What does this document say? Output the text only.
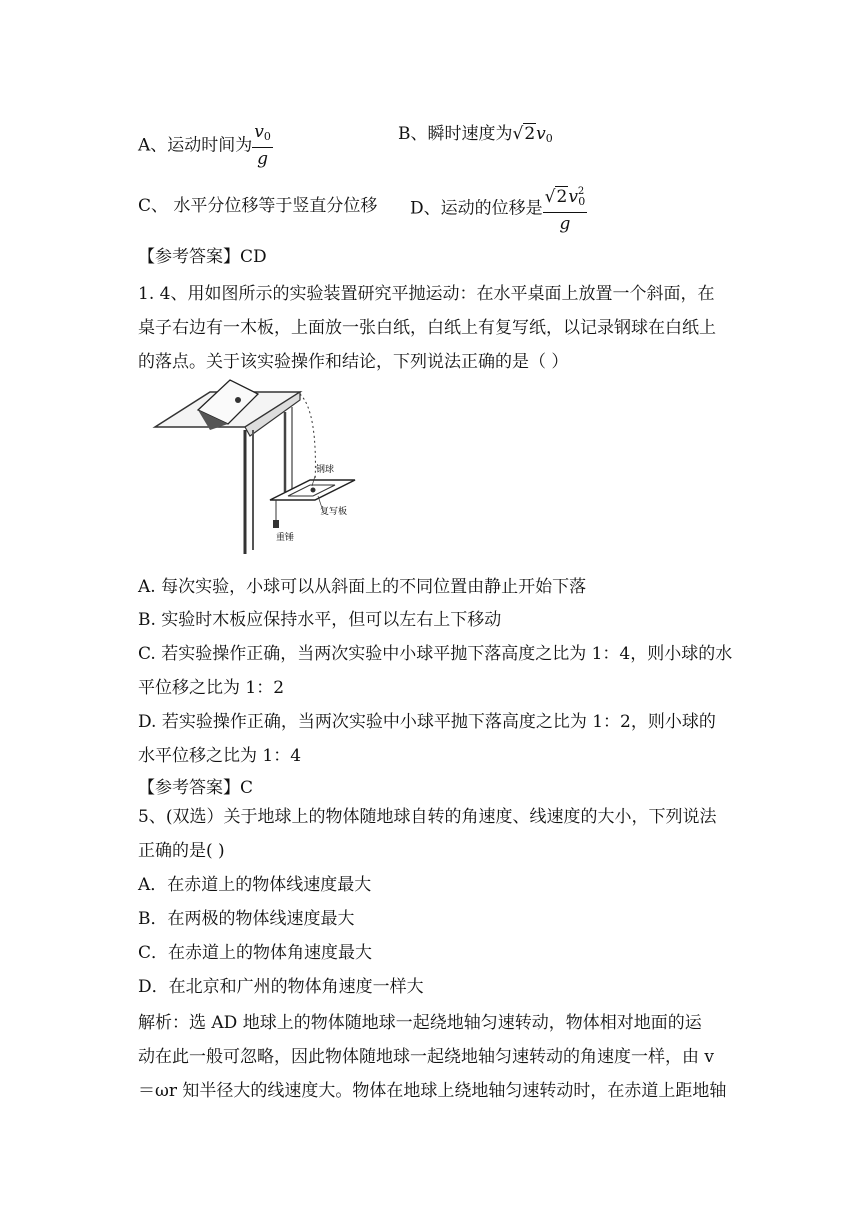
A、运动时间为 $\frac{v_0}{g}$	B、瞬时速度为$√2v_0$
C、 水平分位移等于竖直分位移 D、运动的位移是 $\frac{√2v^2_0}{g}$
【参考答案】CD
1. 4、用如图所示的实验装置研究平抛运动：在水平桌面上放置一个斜面，在
桌子右边有一木板，上面放一张白纸，白纸上有复写纸，以记录钢球在白纸上
的落点。关于该实验操作和结论，下列说法正确的是（ ）
钢球
复写板
重锤
A. 每次实验，小球可以从斜面上的不同位置由静止开始下落
B. 实验时木板应保持水平，但可以左右上下移动
C. 若实验操作正确，当两次实验中小球平抛下落高度之比为 1：4，则小球的水
平位移之比为 1：2
D. 若实验操作正确，当两次实验中小球平抛下落高度之比为 1：2，则小球的
水平位移之比为 1：4
【参考答案】C
5、(双选）关于地球上的物体随地球自转的角速度、线速度的大小，下列说法
正确的是( )
A．在赤道上的物体线速度最大
B．在两极的物体线速度最大
C．在赤道上的物体角速度最大
D．在北京和广州的物体角速度一样大
解析：选 AD 地球上的物体随地球一起绕地轴匀速转动，物体相对地面的运
动在此一般可忽略，因此物体随地球一起绕地轴匀速转动的角速度一样，由 v
＝ωr 知半径大的线速度大。物体在地球上绕地轴匀速转动时，在赤道上距地轴
